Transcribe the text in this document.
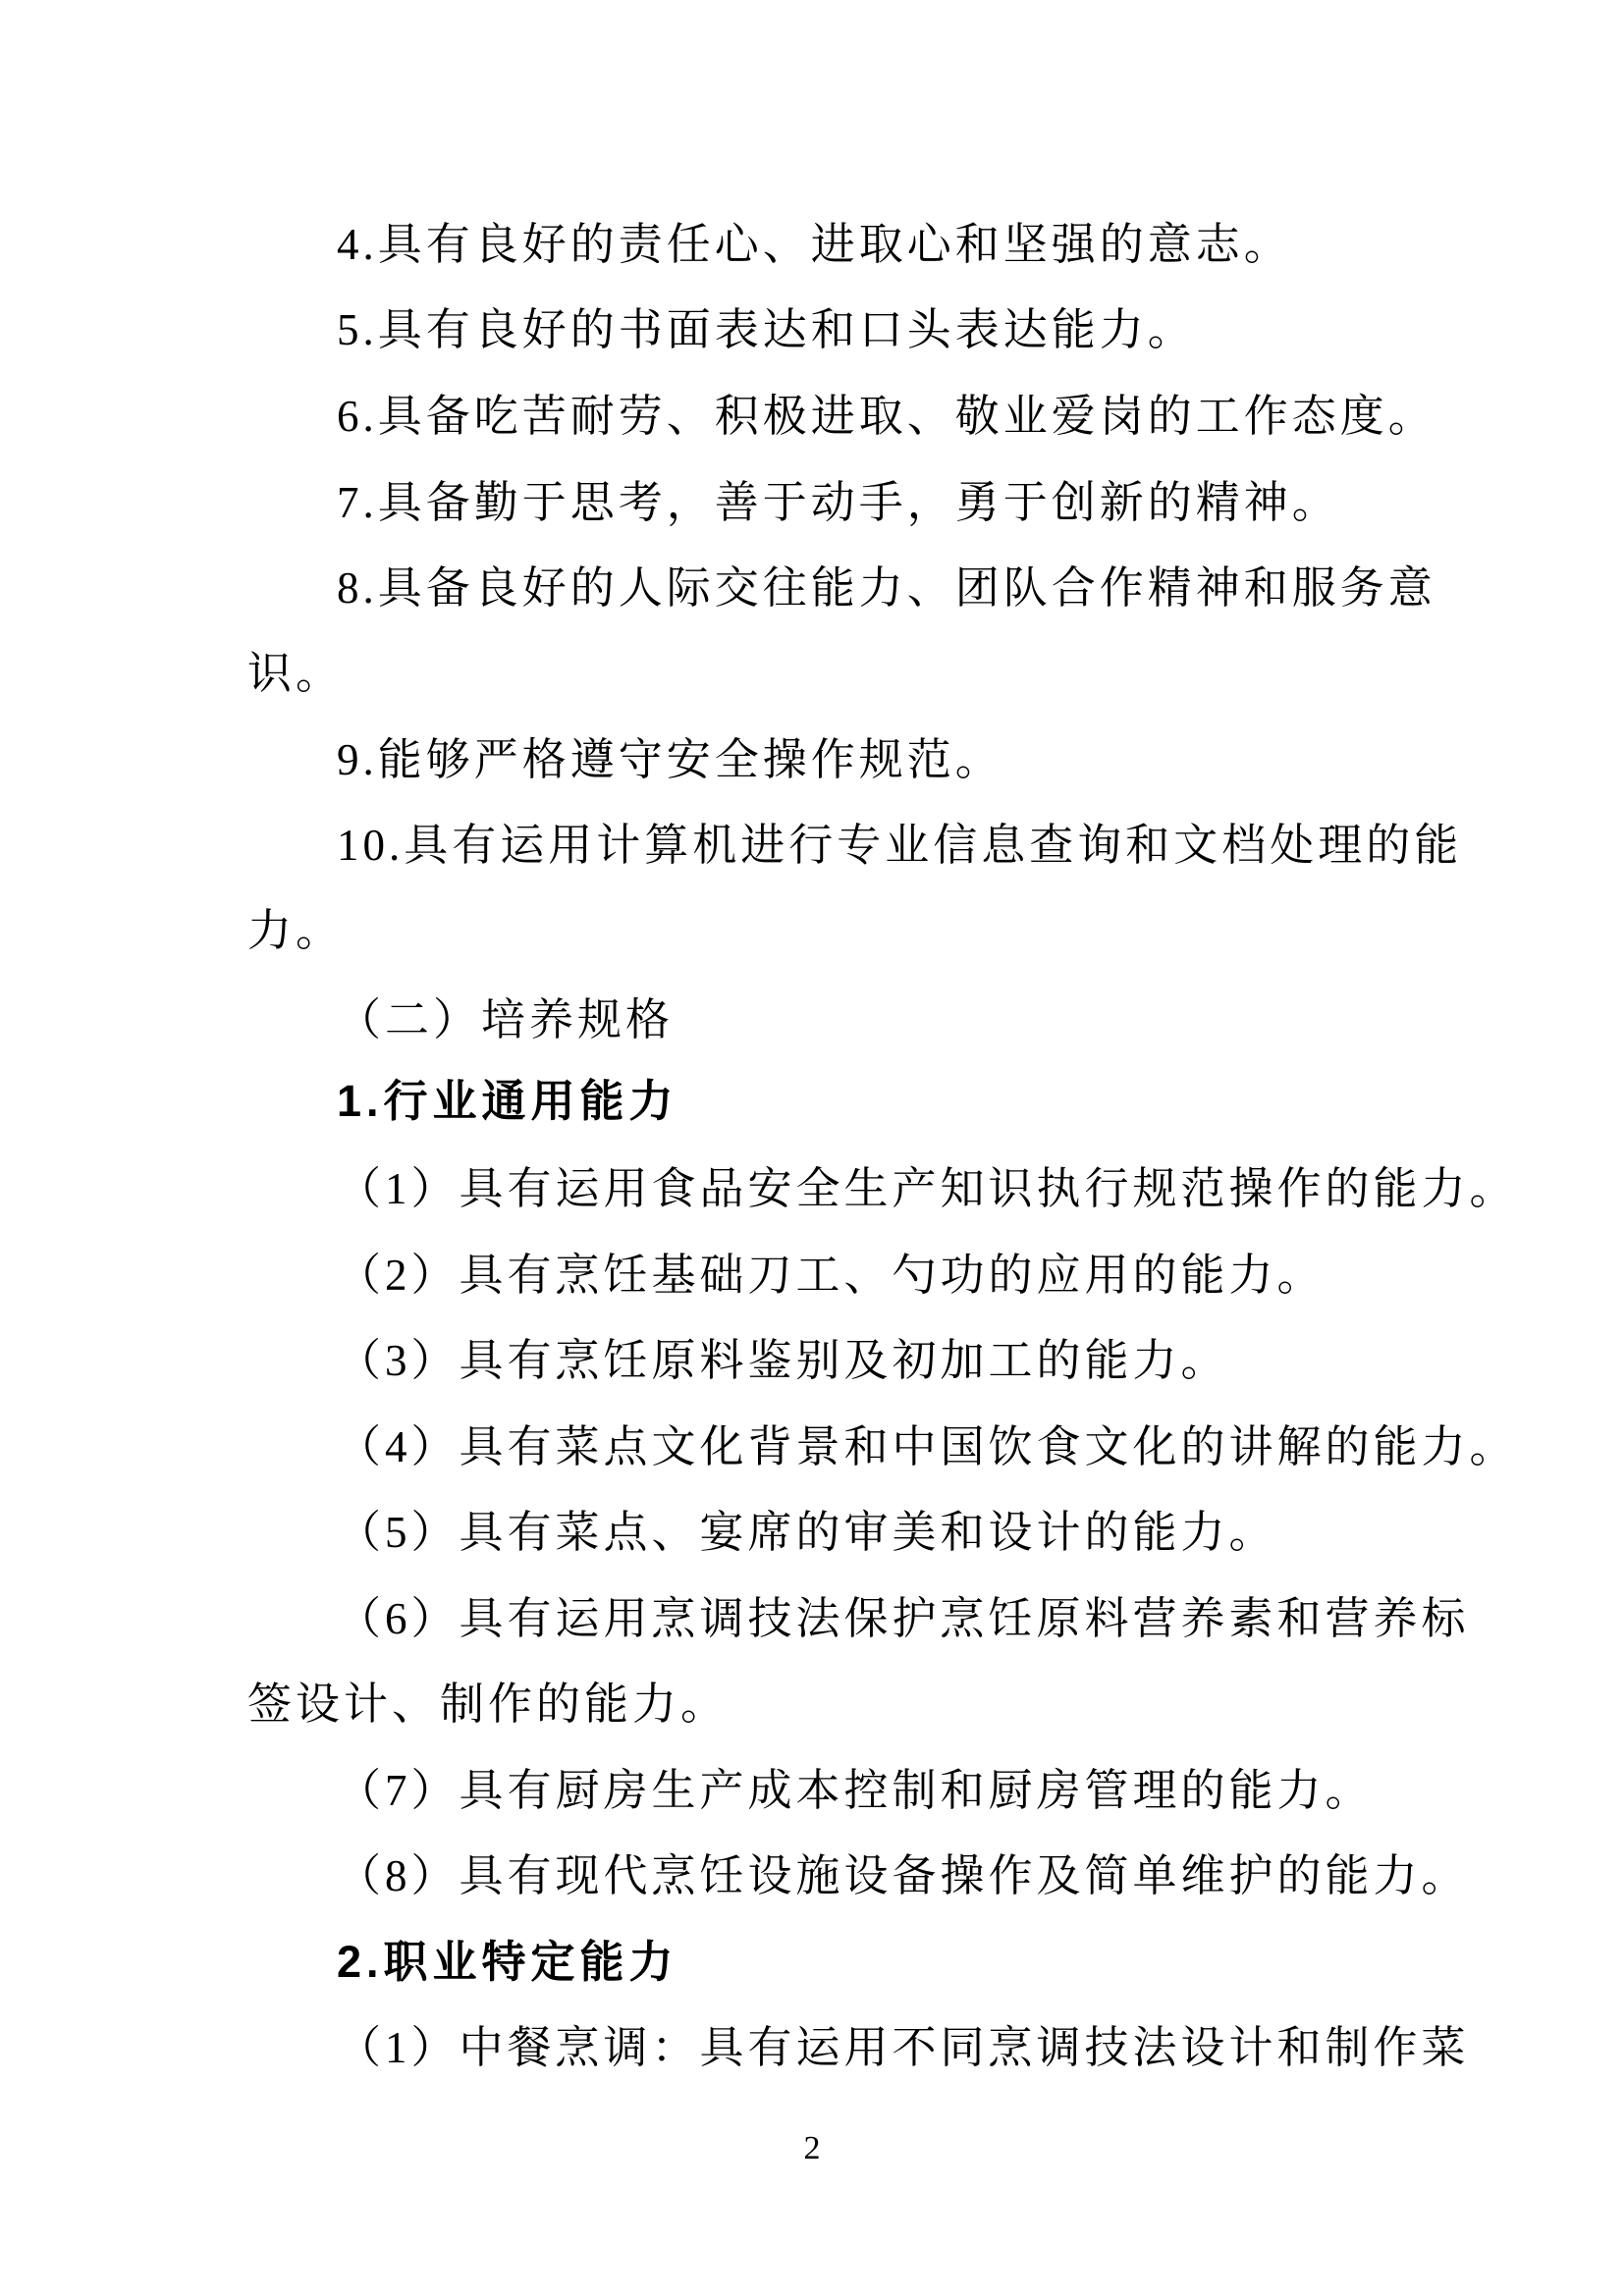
4.具有良好的责任心、进取心和坚强的意志。
5.具有良好的书面表达和口头表达能力。
6.具备吃苦耐劳、积极进取、敬业爱岗的工作态度。
7.具备勤于思考，善于动手，勇于创新的精神。
8.具备良好的人际交往能力、团队合作精神和服务意
识。
9.能够严格遵守安全操作规范。
10.具有运用计算机进行专业信息查询和文档处理的能
力。
（二）培养规格
1.行业通用能力
（1）具有运用食品安全生产知识执行规范操作的能力。
（2）具有烹饪基础刀工、勺功的应用的能力。
（3）具有烹饪原料鉴别及初加工的能力。
（4）具有菜点文化背景和中国饮食文化的讲解的能力。
（5）具有菜点、宴席的审美和设计的能力。
（6）具有运用烹调技法保护烹饪原料营养素和营养标
签设计、制作的能力。
（7）具有厨房生产成本控制和厨房管理的能力。
（8）具有现代烹饪设施设备操作及简单维护的能力。
2.职业特定能力
（1）中餐烹调：具有运用不同烹调技法设计和制作菜
2
